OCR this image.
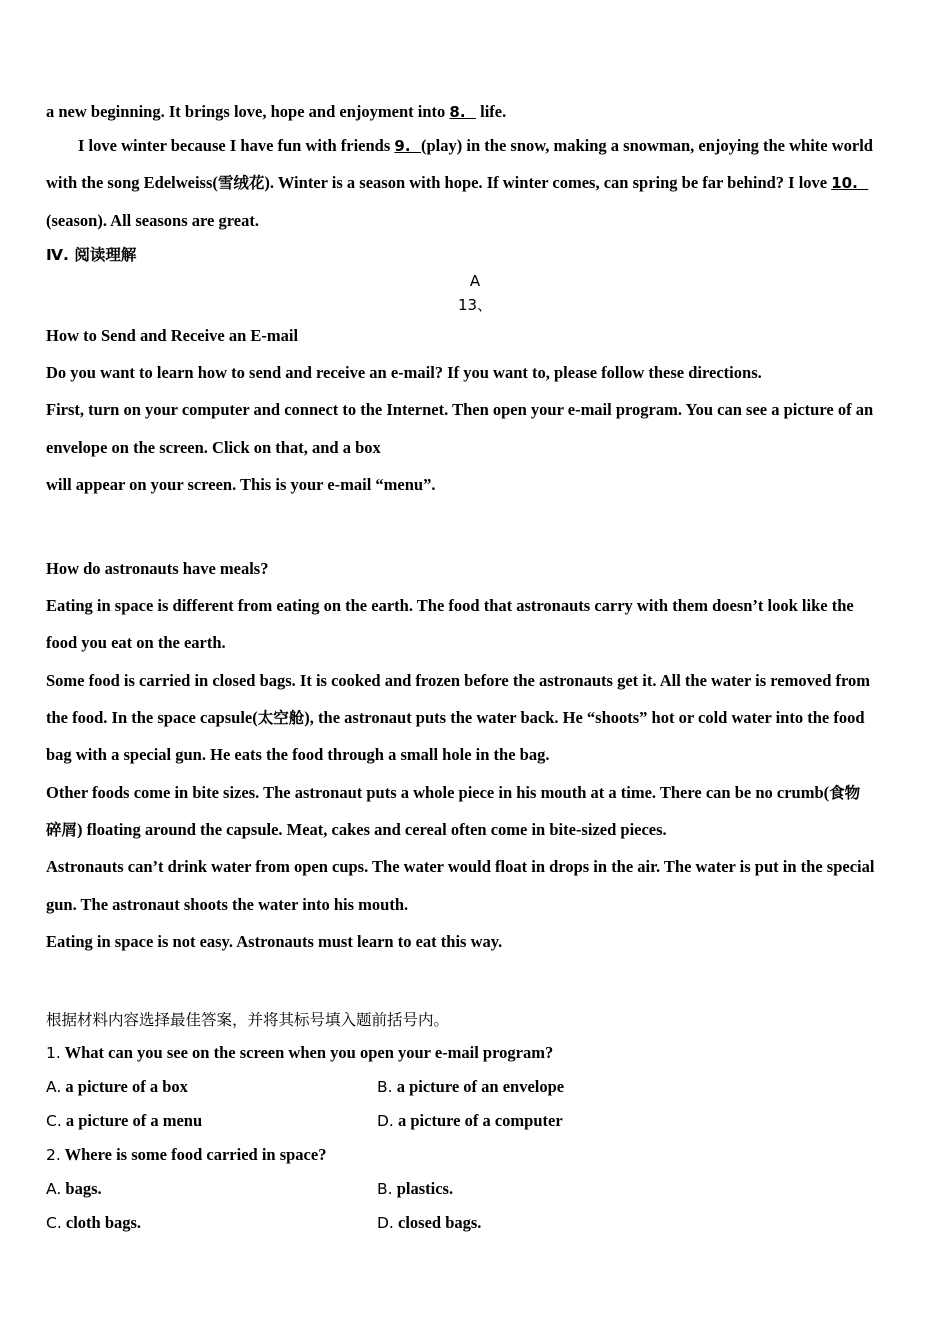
a new beginning. It brings love, hope and enjoyment into 8.   life.
I love winter because I have fun with friends 9. (play) in the snow, making a snowman, enjoying the white world
with the song Edelweiss(雪绒花). Winter is a season with hope. If winter comes, can spring be far behind? I love 10.
(season). All seasons are great.
Ⅳ. 阅读理解
A
13、
How to Send and Receive an E-mail
Do you want to learn how to send and receive an e-mail? If you want to, please follow these directions.
First, turn on your computer and connect to the Internet. Then open your e-mail program. You can see a picture of an
envelope on the screen. Click on that, and a box
will appear on your screen. This is your e-mail “menu”.
How do astronauts have meals?
Eating in space is different from eating on the earth. The food that astronauts carry with them doesn’t look like the
food you eat on the earth.
Some food is carried in closed bags. It is cooked and frozen before the astronauts get it. All the water is removed from
the food. In the space capsule(太空舱), the astronaut puts the water back. He “shoots” hot or cold water into the food
bag with a special gun. He eats the food through a small hole in the bag.
Other foods come in bite sizes. The astronaut puts a whole piece in his mouth at a time. There can be no crumb(食物
碎屑) floating around the capsule. Meat, cakes and cereal often come in bite-sized pieces.
Astronauts can’t drink water from open cups. The water would float in drops in the air. The water is put in the special
gun. The astronaut shoots the water into his mouth.
Eating in space is not easy. Astronauts must learn to eat this way.
根据材料内容选择最佳答案，并将其标号填入题前括号内。
1. What can you see on the screen when you open your e-mail program?
A. a picture of a box	B. a picture of an envelope
C. a picture of a menu	D. a picture of a computer
2. Where is some food carried in space?
A. bags.	B. plastics.
C. cloth bags.	D. closed bags.
